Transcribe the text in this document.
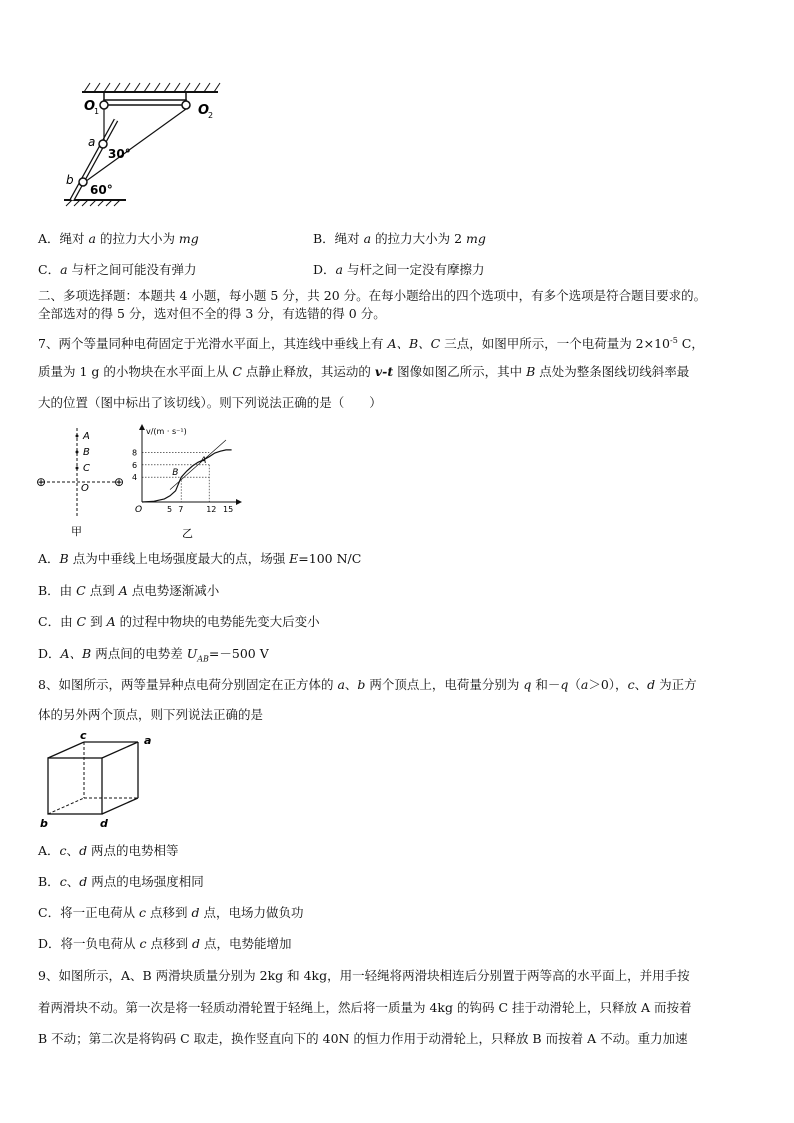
O
1	O
2
a
b
30°
60°
A．绳对 a 的拉力大小为 mg	B．绳对 a 的拉力大小为 2 mg
C．a 与杆之间可能没有弹力	D．a 与杆之间一定没有摩擦力
二、多项选择题：本题共 4 小题，每小题 5 分，共 20 分。在每小题给出的四个选项中，有多个选项是符合题目要求的。
全部选对的得 5 分，选对但不全的得 3 分，有选错的得 0 分。
7、两个等量同种电荷固定于光滑水平面上，其连线中垂线上有 A、B、C 三点，如图甲所示，一个电荷量为 $2\times 10^{-5}$ C，
质量为 1 g 的小物块在水平面上从 C 点静止释放，其运动的 v-t 图像如图乙所示，其中 B 点处为整条图线切线斜率最
大的位置（图中标出了该切线）。则下列说法正确的是（　　）
A
B
C
O
⊕	⊕
甲
v/(m · s⁻¹)
O
乙
4
6
8
B
A
5 7	12 15
A．B 点为中垂线上电场强度最大的点，场强 E=100 N/C
B．由 C 点到 A 点电势逐渐减小
C．由 C 到 A 的过程中物块的电势能先变大后变小
D．A、B 两点间的电势差 $U_{AB}=-500$ V
8、如图所示，两等量异种点电荷分别固定在正方体的 a、b 两个顶点上，电荷量分别为 q 和－q（a＞0），c、d 为正方
体的另外两个顶点，则下列说法正确的是
c	a
b	d
A．c、d 两点的电势相等
B．c、d 两点的电场强度相同
C．将一正电荷从 c 点移到 d 点，电场力做负功
D．将一负电荷从 c 点移到 d 点，电势能增加
9、如图所示，A、B 两滑块质量分别为 2kg 和 4kg，用一轻绳将两滑块相连后分别置于两等高的水平面上，并用手按
着两滑块不动。第一次是将一轻质动滑轮置于轻绳上，然后将一质量为 4kg 的钩码 C 挂于动滑轮上，只释放 A 而按着
B 不动；第二次是将钩码 C 取走，换作竖直向下的 40N 的恒力作用于动滑轮上，只释放 B 而按着 A 不动。重力加速
